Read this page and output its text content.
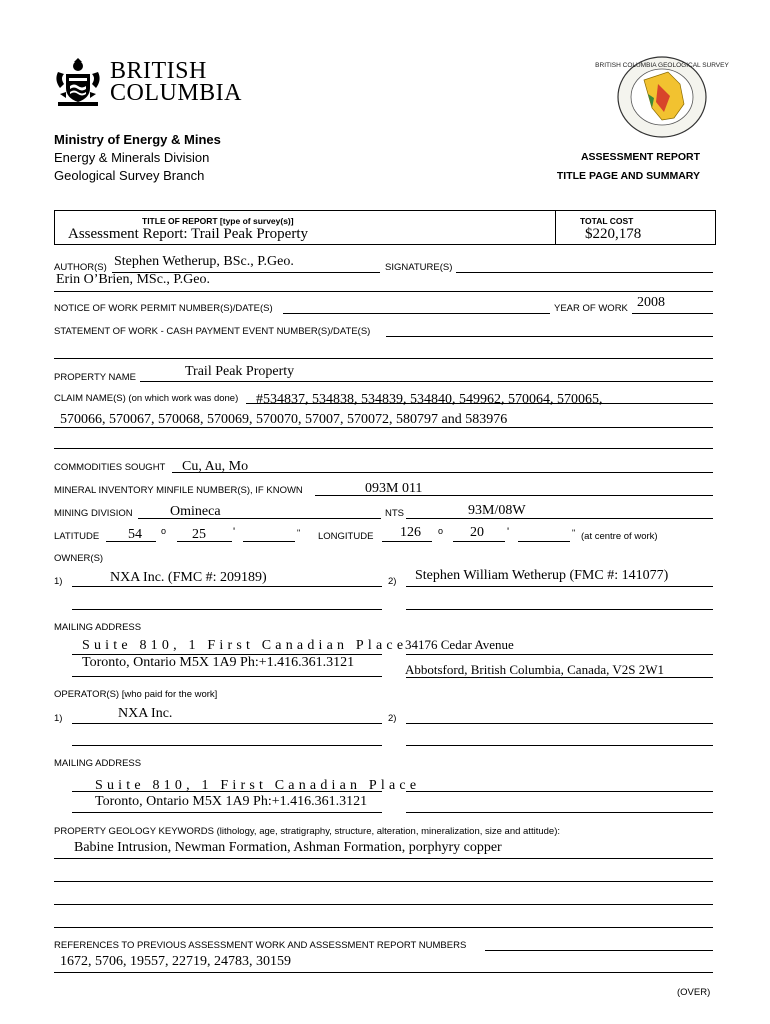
BRITISH
COLUMBIA
BRITISH COLUMBIA GEOLOGICAL SURVEY
Ministry of Energy & Mines
Energy & Minerals Division
Geological Survey Branch
ASSESSMENT REPORT
TITLE PAGE AND SUMMARY
TITLE OF REPORT [type of survey(s)]
Assessment Report: Trail Peak Property
TOTAL COST
$220,178
AUTHOR(S) Stephen Wetherup, BSc., P.Geo.	SIGNATURE(S)
Erin O’Brien, MSc., P.Geo.
NOTICE OF WORK PERMIT NUMBER(S)/DATE(S)	YEAR OF WORK 2008
STATEMENT OF WORK - CASH PAYMENT EVENT NUMBER(S)/DATE(S)
PROPERTY NAME	Trail Peak Property
CLAIM NAME(S) (on which work was done) #534837, 534838, 534839, 534840, 549962, 570064, 570065,
570066, 570067, 570068, 570069, 570070, 57007, 570072, 580797 and 583976
COMMODITIES SOUGHT Cu, Au, Mo
MINERAL INVENTORY MINFILE NUMBER(S), IF KNOWN	093M 011
MINING DIVISION	Omineca	NTS	93M/08W
LATITUDE 54 o 25 '	" LONGITUDE 126 o 20 '	" (at centre of work)
OWNER(S)
1)	NXA Inc. (FMC #: 209189)	2) Stephen William Wetherup (FMC #: 141077)
MAILING ADDRESS
Suite 810, 1 First Canadian Place
Toronto, Ontario M5X 1A9 Ph:+1.416.361.3121
34176 Cedar Avenue
Abbotsford, British Columbia, Canada, V2S 2W1
OPERATOR(S) [who paid for the work]
1)	NXA Inc.	2)
MAILING ADDRESS
Suite 810, 1 First Canadian Place
Toronto, Ontario M5X 1A9 Ph:+1.416.361.3121
PROPERTY GEOLOGY KEYWORDS (lithology, age, stratigraphy, structure, alteration, mineralization, size and attitude):
Babine Intrusion, Newman Formation, Ashman Formation, porphyry copper
REFERENCES TO PREVIOUS ASSESSMENT WORK AND ASSESSMENT REPORT NUMBERS
1672, 5706, 19557, 22719, 24783, 30159
(OVER)
